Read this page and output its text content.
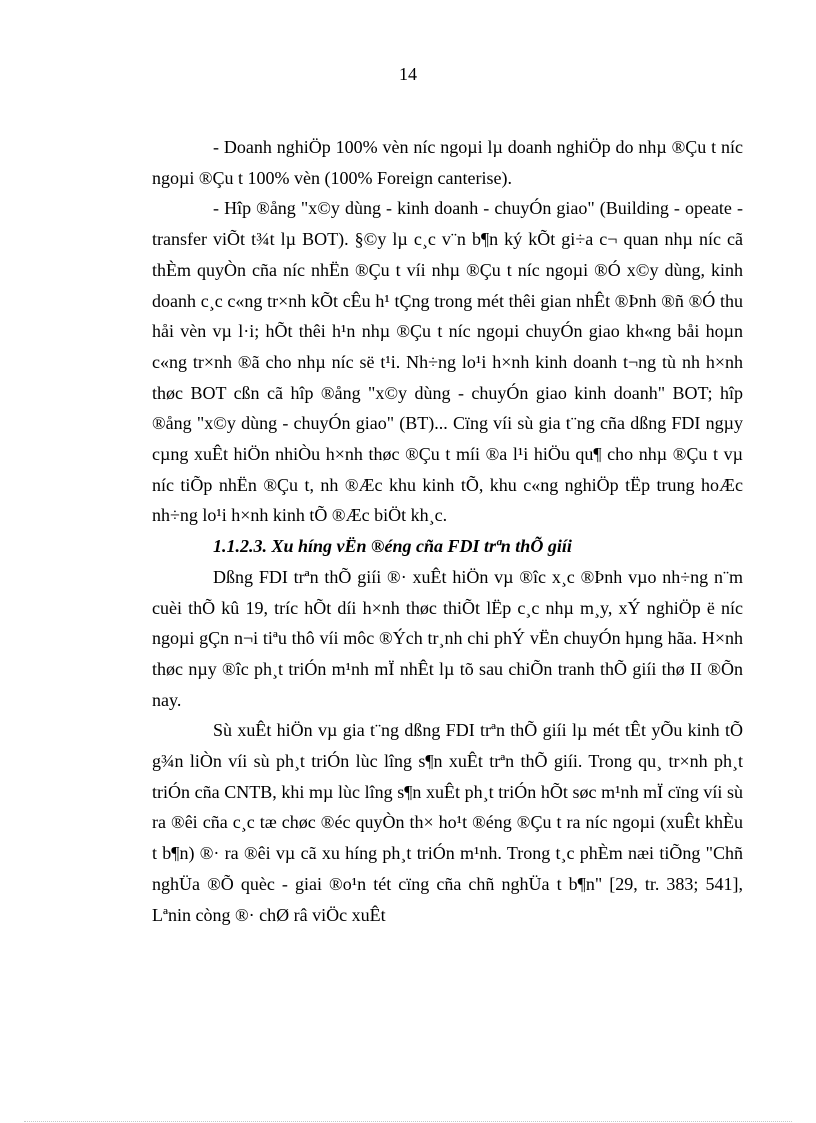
14

- Doanh nghiÖp 100% vèn níc ngoµi lµ doanh nghiÖp do nhµ ®Çu t níc ngoµi ®Çu t 100% vèn (100% Foreign canterise).

- Hîp ®ång "x©y dùng - kinh doanh - chuyÓn giao" (Building - opeate - transfer viÕt t¾t lµ BOT). §©y lµ c¸c v¨n b¶n ký kÕt gi÷a c¬ quan nhµ níc cã thÈm quyÒn cña níc nhËn ®Çu t víi nhµ ®Çu t níc ngoµi ®Ó x©y dùng, kinh doanh c¸c c«ng tr×nh kÕt cÊu h¹ tÇng trong mét thêi gian nhÊt ®Þnh ®ñ ®Ó thu håi vèn vµ l·i; hÕt thêi h¹n nhµ ®Çu t níc ngoµi chuyÓn giao kh«ng båi hoµn c«ng tr×nh ®ã cho nhµ níc së t¹i. Nh÷ng lo¹i h×nh kinh doanh t¬ng tù nh h×nh thøc BOT cßn cã hîp ®ång "x©y dùng - chuyÓn giao kinh doanh" BOT; hîp ®ång "x©y dùng - chuyÓn giao" (BT)... Cïng víi sù gia t¨ng cña dßng FDI ngµy cµng xuÊt hiÖn nhiÒu h×nh thøc ®Çu t míi ®a l¹i hiÖu qu¶ cho nhµ ®Çu t vµ níc tiÕp nhËn ®Çu t, nh ®Æc khu kinh tÕ, khu c«ng nghiÖp tËp trung hoÆc nh÷ng lo¹i h×nh kinh tÕ ®Æc biÖt kh¸c.

1.1.2.3. Xu híng vËn ®éng cña FDI trªn thÕ giíi

Dßng FDI trªn thÕ giíi ®· xuÊt hiÖn vµ ®îc x¸c ®Þnh vµo nh÷ng n¨m cuèi thÕ kû 19, tríc hÕt díi h×nh thøc thiÕt lËp c¸c nhµ m¸y, xÝ nghiÖp ë níc ngoµi gÇn n¬i tiªu thô víi môc ®Ých tr¸nh chi phÝ vËn chuyÓn hµng hãa. H×nh thøc nµy ®îc ph¸t triÓn m¹nh mÏ nhÊt lµ tõ sau chiÕn tranh thÕ giíi thø II ®Õn nay.

Sù xuÊt hiÖn vµ gia t¨ng dßng FDI trªn thÕ giíi lµ mét tÊt yÕu kinh tÕ g¾n liÒn víi sù ph¸t triÓn lùc lîng s¶n xuÊt trªn thÕ giíi. Trong qu¸ tr×nh ph¸t triÓn cña CNTB, khi mµ lùc lîng s¶n xuÊt ph¸t triÓn hÕt søc m¹nh mÏ cïng víi sù ra ®êi cña c¸c tæ chøc ®éc quyÒn th× ho¹t ®éng ®Çu t ra níc ngoµi (xuÊt khÈu t b¶n) ®· ra ®êi vµ cã xu híng ph¸t triÓn m¹nh. Trong t¸c phÈm næi tiÕng "Chñ nghÜa ®Õ quèc - giai ®o¹n tét cïng cña chñ nghÜa t b¶n" [29, tr. 383; 541], Lªnin còng ®· chØ râ viÖc xuÊt
